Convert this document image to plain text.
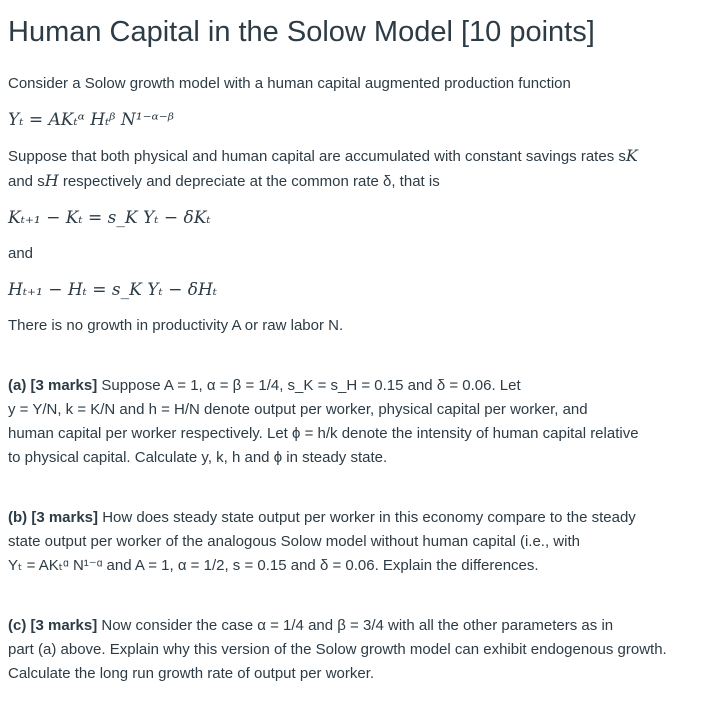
Human Capital in the Solow Model [10 points]

Consider a Solow growth model with a human capital augmented production function

Yₜ = AKₜᵅ Hₜᵝ N¹⁻ᵅ⁻ᵝ

Suppose that both physical and human capital are accumulated with constant savings rates sK
and sH respectively and depreciate at the common rate δ, that is

Kₜ₊₁ − Kₜ = s_K Yₜ − δKₜ

and

Hₜ₊₁ − Hₜ = s_K Yₜ − δHₜ

There is no growth in productivity A or raw labor N.

(a) [3 marks] Suppose A = 1, α = β = 1/4, s_K = s_H = 0.15 and δ = 0.06. Let
y = Y/N, k = K/N and h = H/N denote output per worker, physical capital per worker, and
human capital per worker respectively. Let ϕ = h/k denote the intensity of human capital relative
to physical capital. Calculate y, k, h and ϕ in steady state.

(b) [3 marks] How does steady state output per worker in this economy compare to the steady
state output per worker of the analogous Solow model without human capital (i.e., with
Yₜ = AKₜᵅ N¹⁻ᵅ and A = 1, α = 1/2, s = 0.15 and δ = 0.06. Explain the differences.

(c) [3 marks] Now consider the case α = 1/4 and β = 3/4 with all the other parameters as in
part (a) above. Explain why this version of the Solow growth model can exhibit endogenous growth.
Calculate the long run growth rate of output per worker.
